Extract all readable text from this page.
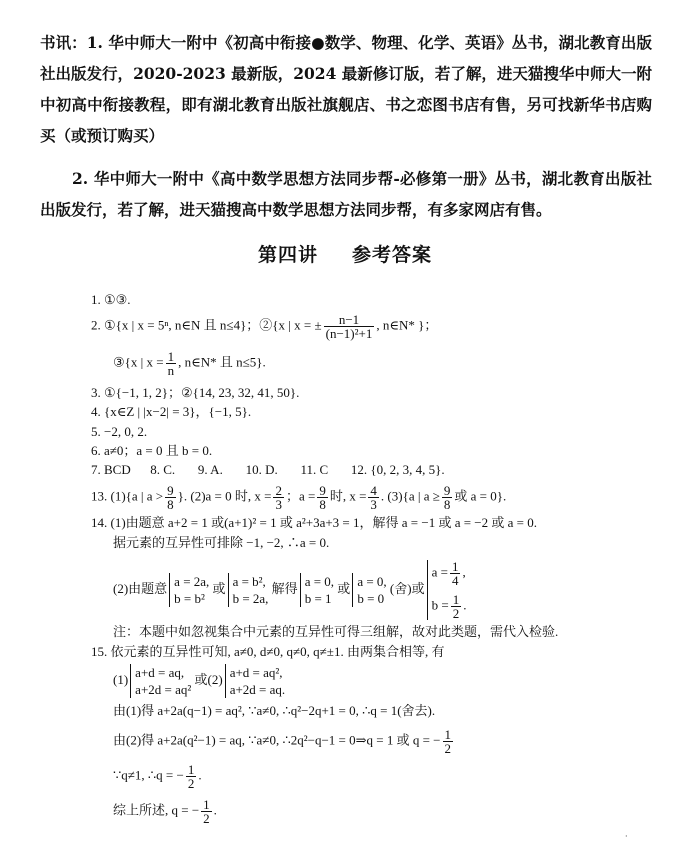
书讯：1. 华中师大一附中《初高中衔接●数学、物理、化学、英语》丛书，湖北教育出版社出版发行，2020-2023 最新版，2024 最新修订版，若了解，进天猫搜华中师大一附中初高中衔接教程，即有湖北教育出版社旗舰店、书之恋图书店有售，另可找新华书店购买（或预订购买）
2. 华中师大一附中《高中数学思想方法同步帮-必修第一册》丛书，湖北教育出版社出版发行，若了解，进天猫搜高中数学思想方法同步帮，有多家网店有售。
第四讲 参考答案
1. ①③.
2. ①{x | x = 5ⁿ, n∈N 且 n≤4}；②{x | x = ± $\frac{n-1}{\text{(n−1)²+1}}$ , n∈N* }；
③{x | $x = \frac{1}{n}$ , n∈N* 且 n≤5}.
3. ①{−1, 1, 2}；②{14, 23, 32, 41, 50}.
4. {x∈Z | |x−2| = 3}，{−1, 5}.
5. −2, 0, 2.
6. a≠0；a = 0 且 b = 0.
7. BCD      8. C.       9. A.       10. D.       11. C       12. {0, 2, 3, 4, 5}.
13. (1){a | $a > \frac{9}{8}$ }. (2)a = 0 时, $x = \frac{2}{3}$ ；$a = \frac{9}{8}$ 时, $x = \frac{4}{3}$ . (3){a | $a \ge \frac{9}{8}$ 或 a = 0}.
14. (1)由题意 a+2 = 1 或(a+1)² = 1 或 a²+3a+3 = 1，解得 a = −1 或 a = −2 或 a = 0.
据元素的互异性可排除 −1, −2, ∴a = 0.
(2)由题意 a = 2a,
b = b²
或 a = b²,
b = 2a,
解得 a = 0,
b = 1
或 a = 0,
b = 0
(舍)或
$a = \frac{1}{4}$ ,
$b = \frac{1}{2}$ .
注：本题中如忽视集合中元素的互异性可得三组解，故对此类题，需代入检验.
15. 依元素的互异性可知, a≠0, d≠0, q≠0, q≠±1. 由两集合相等, 有
(1) a+d = aq,
a+2d = aq²
或(2) a+d = aq²,
a+2d = aq.
由(1)得 a+2a(q−1) = aq², ∵a≠0, ∴q²−2q+1 = 0, ∴q = 1(舍去).
由(2)得 a+2a(q²−1) = aq, ∵a≠0, ∴2q²−q−1 = 0⇒q = 1 或 q = − $\frac{1}{2}$
∵q≠1, ∴q = − $\frac{1}{2}$ .
综上所述, q = − $\frac{1}{2}$ .
·
